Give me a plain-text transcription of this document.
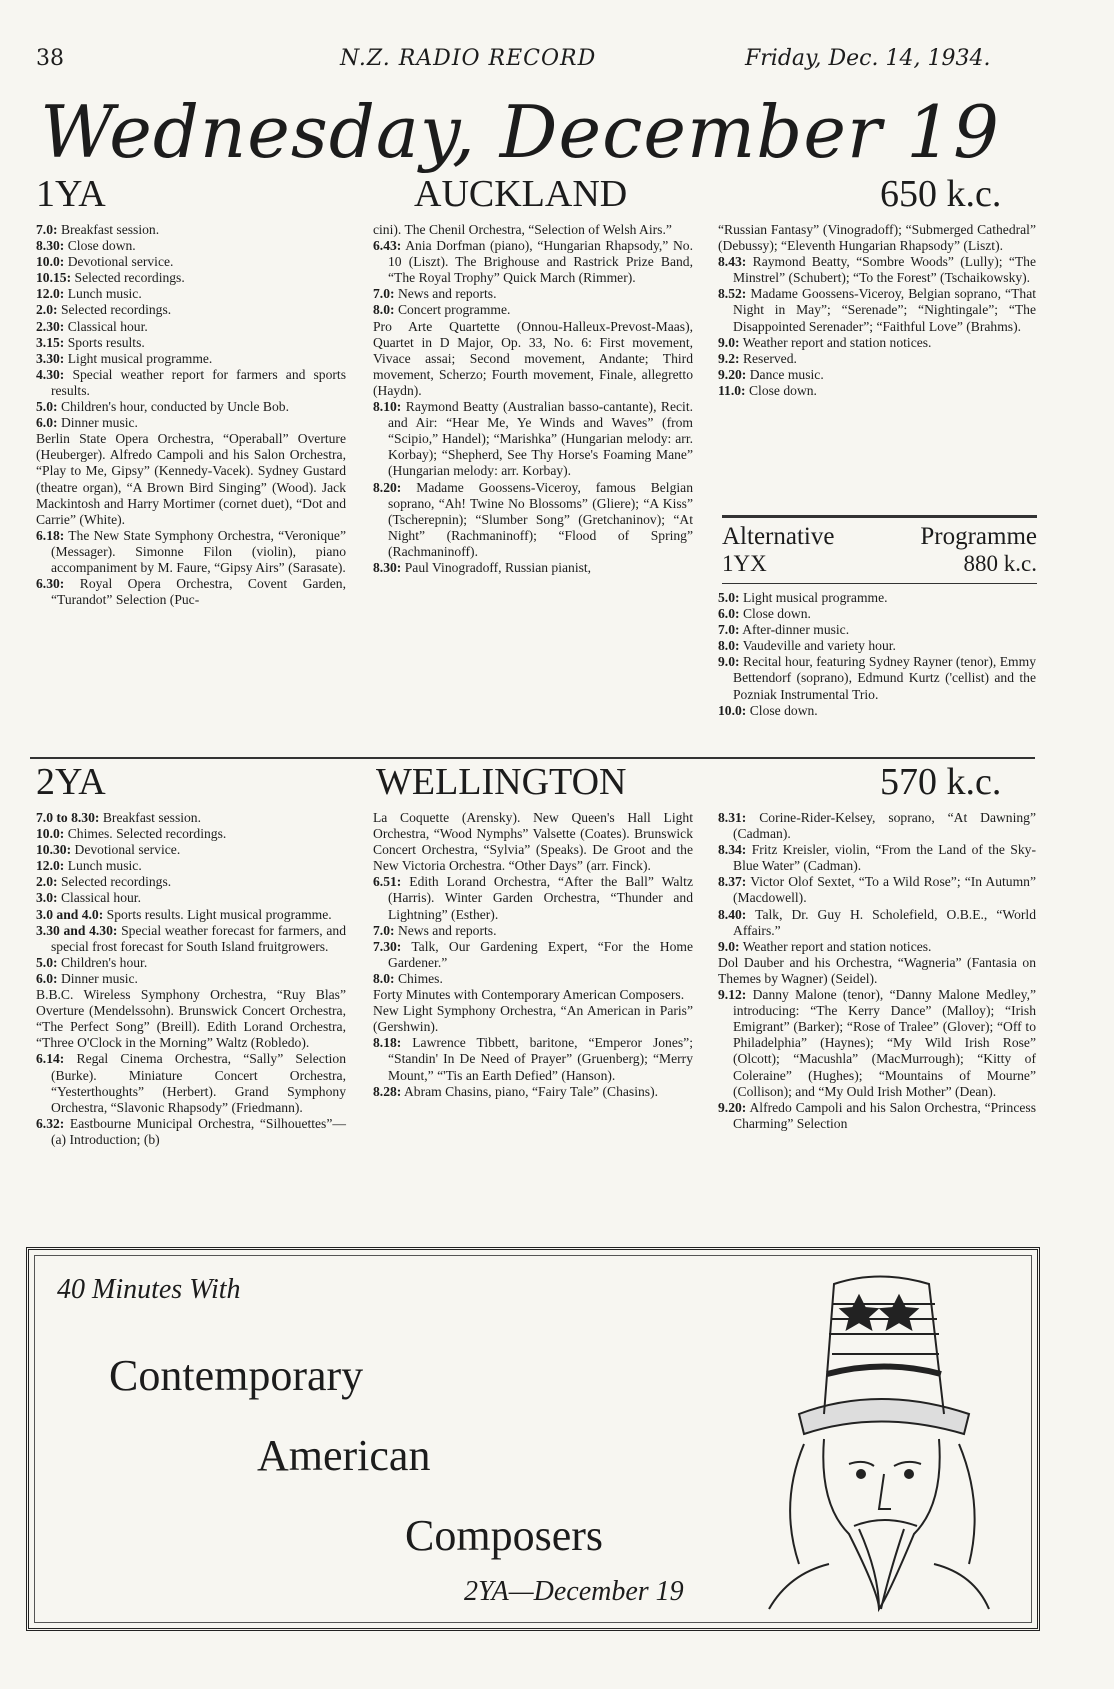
38	N.Z. RADIO RECORD	Friday, Dec. 14, 1934.
Wednesday, December 19
1YA	AUCKLAND	650 k.c.

7.0: Breakfast session.

8.30: Close down.

10.0: Devotional service.

10.15: Selected recordings.

12.0: Lunch music.

2.0: Selected recordings.

2.30: Classical hour.

3.15: Sports results.

3.30: Light musical programme.

4.30: Special weather report for farmers and sports results.

5.0: Children's hour, conducted by Uncle Bob.

6.0: Dinner music.

Berlin State Opera Orchestra, “Operaball” Overture (Heuberger). Alfredo Campoli and his Salon Orchestra, “Play to Me, Gipsy” (Kennedy-Vacek). Sydney Gustard (theatre organ), “A Brown Bird Singing” (Wood). Jack Mackintosh and Harry Mortimer (cornet duet), “Dot and Carrie” (White).

6.18: The New State Symphony Orchestra, “Veronique” (Messager). Simonne Filon (violin), piano accompaniment by M. Faure, “Gipsy Airs” (Sarasate).

6.30: Royal Opera Orchestra, Covent Garden, “Turandot” Selection (Puc-

cini). The Chenil Orchestra, “Selection of Welsh Airs.”

6.43: Ania Dorfman (piano), “Hungarian Rhapsody,” No. 10 (Liszt). The Brighouse and Rastrick Prize Band, “The Royal Trophy” Quick March (Rimmer).

7.0: News and reports.

8.0: Concert programme.

Pro Arte Quartette (Onnou-Halleux-Prevost-Maas), Quartet in D Major, Op. 33, No. 6: First movement, Vivace assai; Second movement, Andante; Third movement, Scherzo; Fourth movement, Finale, allegretto (Haydn).

8.10: Raymond Beatty (Australian basso-cantante), Recit. and Air: “Hear Me, Ye Winds and Waves” (from “Scipio,” Handel); “Marishka” (Hungarian melody: arr. Korbay); “Shepherd, See Thy Horse's Foaming Mane” (Hungarian melody: arr. Korbay).

8.20: Madame Goossens-Viceroy, famous Belgian soprano, “Ah! Twine No Blossoms” (Gliere); “A Kiss” (Tscherepnin); “Slumber Song” (Gretchaninov); “At Night” (Rachmaninoff); “Flood of Spring” (Rachmaninoff).

8.30: Paul Vinogradoff, Russian pianist,

“Russian Fantasy” (Vinogradoff); “Submerged Cathedral” (Debussy); “Eleventh Hungarian Rhapsody” (Liszt).

8.43: Raymond Beatty, “Sombre Woods” (Lully); “The Minstrel” (Schubert); “To the Forest” (Tschaikowsky).

8.52: Madame Goossens-Viceroy, Belgian soprano, “That Night in May”; “Serenade”; “Nightingale”; “The Disappointed Serenader”; “Faithful Love” (Brahms).

9.0: Weather report and station notices.

9.2: Reserved.

9.20: Dance music.

11.0: Close down.

Alternative	Programme
1YX	880 k.c.

5.0: Light musical programme.

6.0: Close down.

7.0: After-dinner music.

8.0: Vaudeville and variety hour.

9.0: Recital hour, featuring Sydney Rayner (tenor), Emmy Bettendorf (soprano), Edmund Kurtz ('cellist) and the Pozniak Instrumental Trio.

10.0: Close down.

2YA	WELLINGTON	570 k.c.

7.0 to 8.30: Breakfast session.

10.0: Chimes. Selected recordings.

10.30: Devotional service.

12.0: Lunch music.

2.0: Selected recordings.

3.0: Classical hour.

3.0 and 4.0: Sports results. Light musical programme.

3.30 and 4.30: Special weather forecast for farmers, and special frost forecast for South Island fruitgrowers.

5.0: Children's hour.

6.0: Dinner music.

B.B.C. Wireless Symphony Orchestra, “Ruy Blas” Overture (Mendelssohn). Brunswick Concert Orchestra, “The Perfect Song” (Breill). Edith Lorand Orchestra, “Three O'Clock in the Morning” Waltz (Robledo).

6.14: Regal Cinema Orchestra, “Sally” Selection (Burke). Miniature Concert Orchestra, “Yesterthoughts” (Herbert). Grand Symphony Orchestra, “Slavonic Rhapsody” (Friedmann).

6.32: Eastbourne Municipal Orchestra, “Silhouettes”—(a) Introduction; (b)

La Coquette (Arensky). New Queen's Hall Light Orchestra, “Wood Nymphs” Valsette (Coates). Brunswick Concert Orchestra, “Sylvia” (Speaks). De Groot and the New Victoria Orchestra. “Other Days” (arr. Finck).

6.51: Edith Lorand Orchestra, “After the Ball” Waltz (Harris). Winter Garden Orchestra, “Thunder and Lightning” (Esther).

7.0: News and reports.

7.30: Talk, Our Gardening Expert, “For the Home Gardener.”

8.0: Chimes.

Forty Minutes with Contemporary American Composers.

New Light Symphony Orchestra, “An American in Paris” (Gershwin).

8.18: Lawrence Tibbett, baritone, “Emperor Jones”; “Standin' In De Need of Prayer” (Gruenberg); “Merry Mount,” “'Tis an Earth Defied” (Hanson).

8.28: Abram Chasins, piano, “Fairy Tale” (Chasins).

8.31: Corine-Rider-Kelsey, soprano, “At Dawning” (Cadman).

8.34: Fritz Kreisler, violin, “From the Land of the Sky-Blue Water” (Cadman).

8.37: Victor Olof Sextet, “To a Wild Rose”; “In Autumn” (Macdowell).

8.40: Talk, Dr. Guy H. Scholefield, O.B.E., “World Affairs.”

9.0: Weather report and station notices.

Dol Dauber and his Orchestra, “Wagneria” (Fantasia on Themes by Wagner) (Seidel).

9.12: Danny Malone (tenor), “Danny Malone Medley,” introducing: “The Kerry Dance” (Malloy); “Irish Emigrant” (Barker); “Rose of Tralee” (Glover); “Off to Philadelphia” (Haynes); “My Wild Irish Rose” (Olcott); “Macushla” (MacMurrough); “Kitty of Coleraine” (Hughes); “Mountains of Mourne” (Collison); and “My Ould Irish Mother” (Dean).

9.20: Alfredo Campoli and his Salon Orchestra, “Princess Charming” Selection

40 Minutes With
Contemporary
American
Composers
2YA—December 19
